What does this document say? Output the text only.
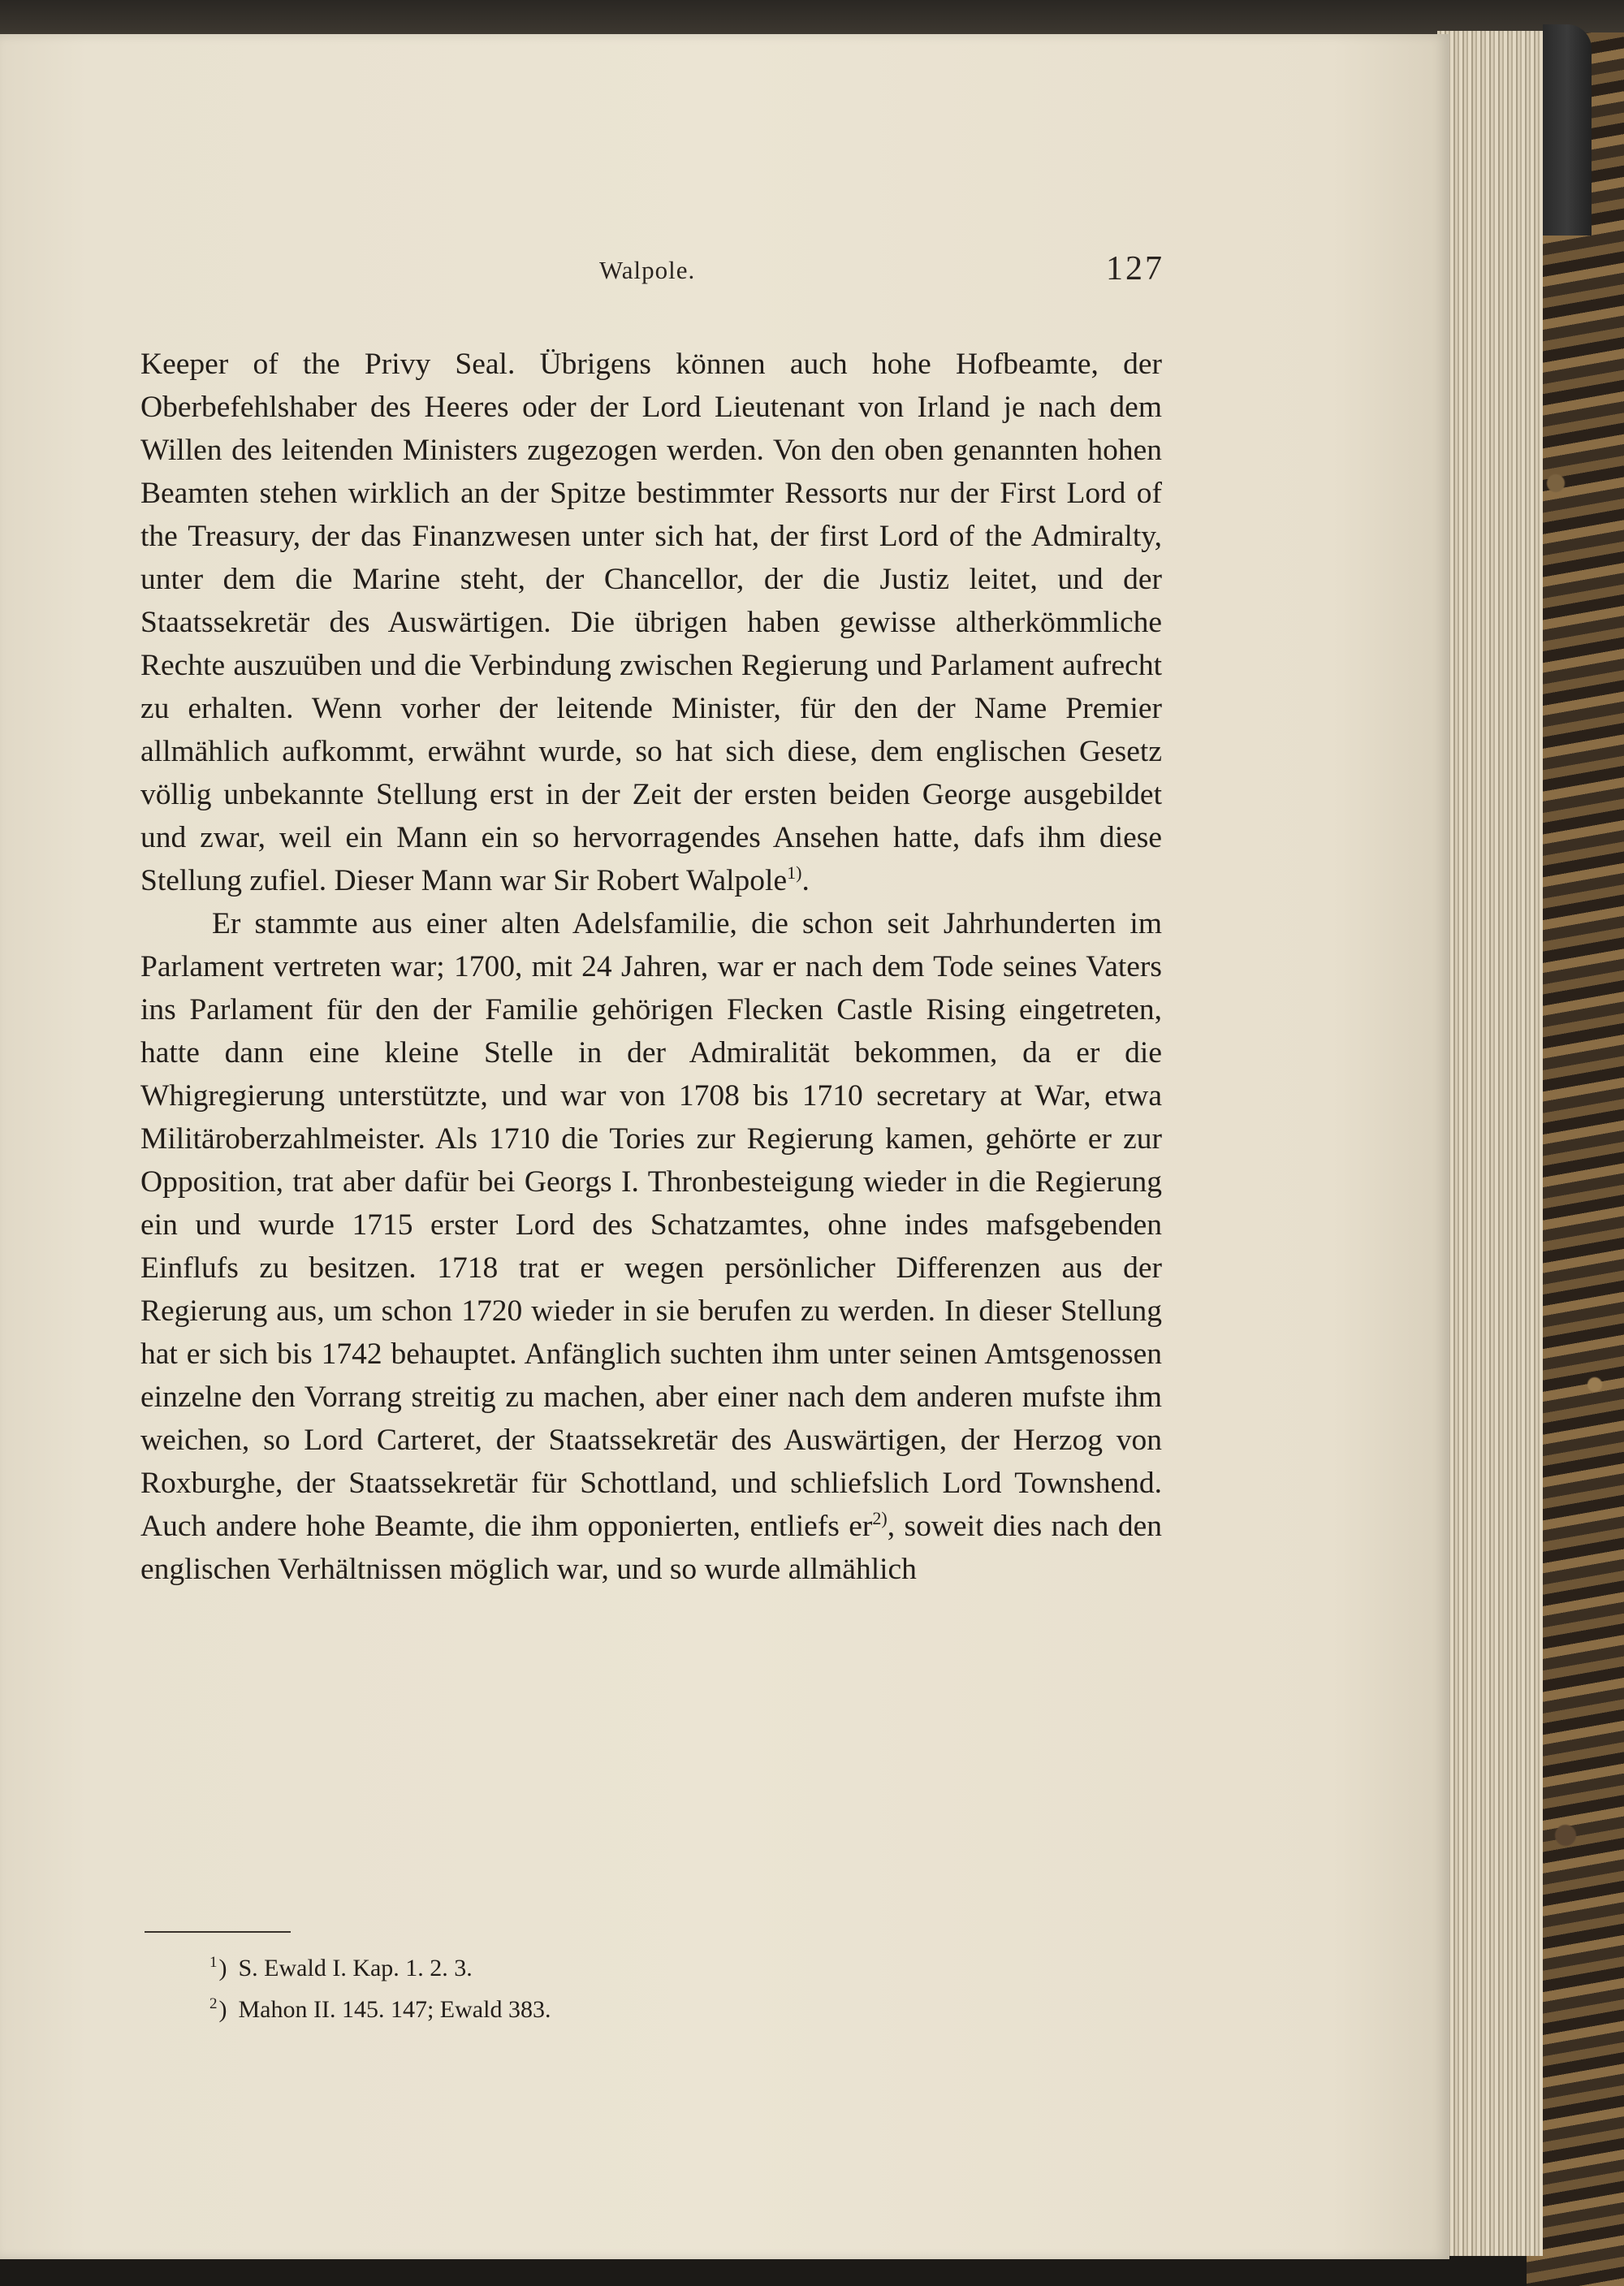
Walpole.	127

Keeper of the Privy Seal. Übrigens können auch hohe Hofbeamte, der Oberbefehlshaber des Heeres oder der Lord Lieutenant von Irland je nach dem Willen des leitenden Ministers zugezogen werden. Von den oben genannten hohen Beamten stehen wirklich an der Spitze bestimmter Ressorts nur der First Lord of the Treasury, der das Finanzwesen unter sich hat, der first Lord of the Admiralty, unter dem die Marine steht, der Chancellor, der die Justiz leitet, und der Staatssekretär des Auswärtigen. Die übrigen haben gewisse altherkömmliche Rechte auszuüben und die Verbindung zwischen Regierung und Parlament aufrecht zu erhalten. Wenn vorher der leitende Minister, für den der Name Premier allmählich aufkommt, erwähnt wurde, so hat sich diese, dem englischen Gesetz völlig unbekannte Stellung erst in der Zeit der ersten beiden George ausgebildet und zwar, weil ein Mann ein so hervorragendes Ansehen hatte, dafs ihm diese Stellung zufiel. Dieser Mann war Sir Robert Walpole$^{1)}$.

Er stammte aus einer alten Adelsfamilie, die schon seit Jahrhunderten im Parlament vertreten war; 1700, mit 24 Jahren, war er nach dem Tode seines Vaters ins Parlament für den der Familie gehörigen Flecken Castle Rising eingetreten, hatte dann eine kleine Stelle in der Admiralität bekommen, da er die Whigregierung unterstützte, und war von 1708 bis 1710 secretary at War, etwa Militäroberzahlmeister. Als 1710 die Tories zur Regierung kamen, gehörte er zur Opposition, trat aber dafür bei Georgs I. Thronbesteigung wieder in die Regierung ein und wurde 1715 erster Lord des Schatzamtes, ohne indes mafsgebenden Einflufs zu besitzen. 1718 trat er wegen persönlicher Differenzen aus der Regierung aus, um schon 1720 wieder in sie berufen zu werden. In dieser Stellung hat er sich bis 1742 behauptet. Anfänglich suchten ihm unter seinen Amtsgenossen einzelne den Vorrang streitig zu machen, aber einer nach dem anderen mufste ihm weichen, so Lord Carteret, der Staatssekretär des Auswärtigen, der Herzog von Roxburghe, der Staatssekretär für Schottland, und schliefslich Lord Townshend. Auch andere hohe Beamte, die ihm opponierten, entliefs $er^{2)}$, soweit dies nach den englischen Verhältnissen möglich war, und so wurde allmählich

$^1$) S. Ewald I. Kap. 1. 2. 3.
$^2$) Mahon II. 145. 147; Ewald 383.
